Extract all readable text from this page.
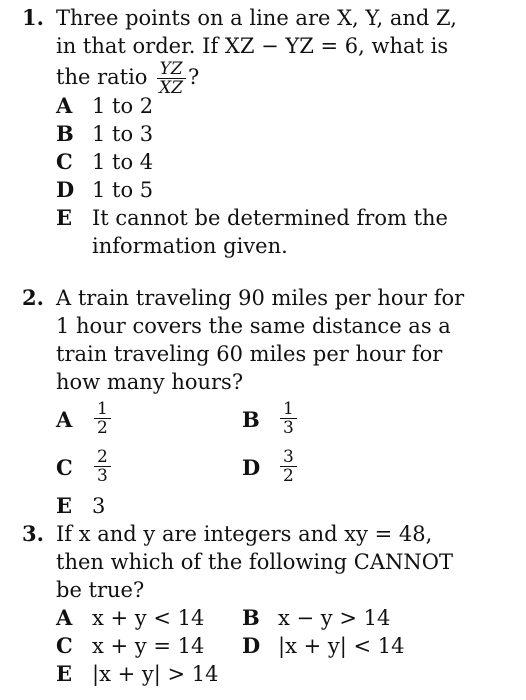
1. Three points on a line are X, Y, and Z,
in that order. If XZ − YZ = 6, what is
the ratio $\frac{YZ}{XZ}$ ?
A 1 to 2
B 1 to 3
C 1 to 4
D 1 to 5
E It cannot be determined from the information given.
2. A train traveling 90 miles per hour for
1 hour covers the same distance as a
train traveling 60 miles per hour for
how many hours?
A	$\frac{1}{2}$	B	$\frac{1}{3}$
C	$\frac{2}{3}$	D	$\frac{3}{2}$
E 3
3. If x and y are integers and xy = 48,
then which of the following CANNOT
be true?
A x + y < 14 B x − y > 14
C x + y = 14 D |x + y| < 14
E |x + y| > 14
